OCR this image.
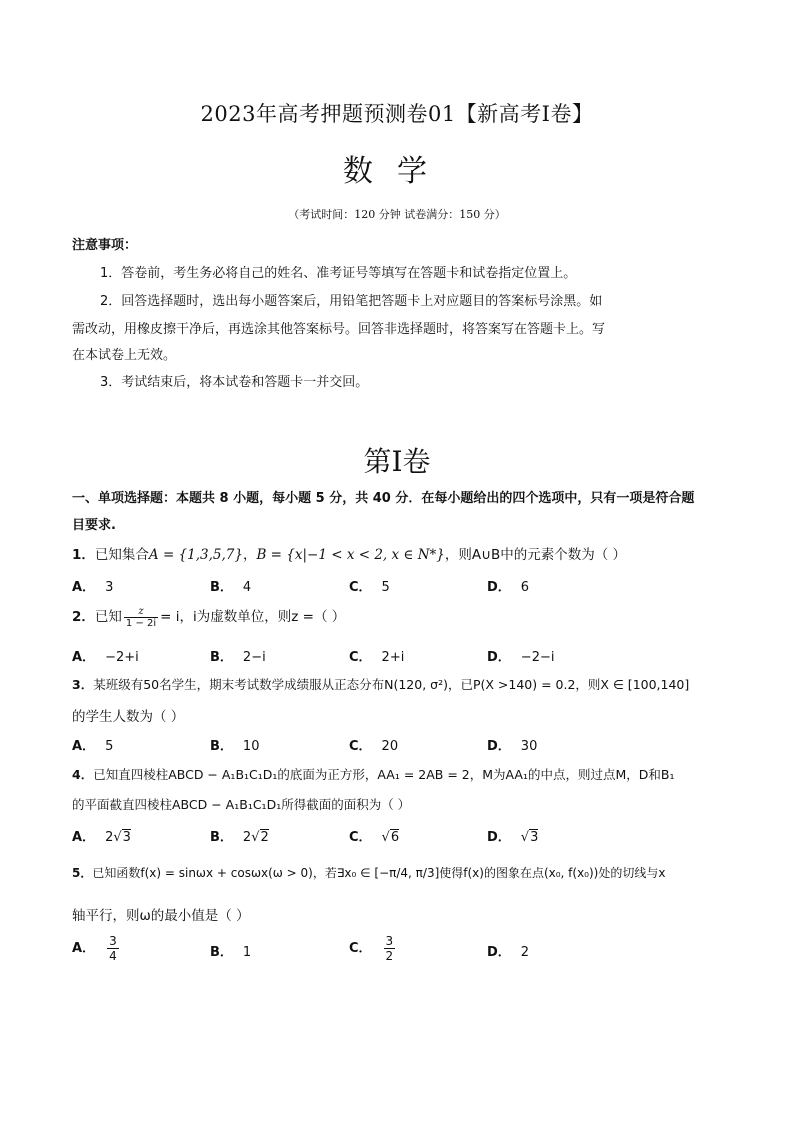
2023年高考押题预测卷01【新高考Ⅰ卷】
数学
（考试时间：120 分钟 试卷满分：150 分）
注意事项：
1．答卷前，考生务必将自己的姓名、准考证号等填写在答题卡和试卷指定位置上。
2．回答选择题时，选出每小题答案后，用铅笔把答题卡上对应题目的答案标号涂黑。如
需改动，用橡皮擦干净后，再选涂其他答案标号。回答非选择题时，将答案写在答题卡上。写
在本试卷上无效。
3．考试结束后，将本试卷和答题卡一并交回。
第Ⅰ卷
一、单项选择题：本题共 8 小题，每小题 5 分，共 40 分．在每小题给出的四个选项中，只有一项是符合题
目要求.
1．已知集合A = {1,3,5,7}，B = {x|−1 < x < 2, x ∈ N*}，则A∪B中的元素个数为（ ）
A． 3	B． 4	C． 5	D． 6
2．已知 $\frac{z}{1 - 2i} = i$，i为虚数单位，则z =（ ）
A． −2+i	B． 2−i	C． 2+i	D． −2−i
3．某班级有50名学生，期末考试数学成绩服从正态分布N(120, σ²)，已P(X >140) = 0.2，则X ∈ [100,140]
的学生人数为（ ）
A． 5	B． 10	C． 20	D． 30
4．已知直四棱柱ABCD − A₁B₁C₁D₁的底面为正方形，AA₁ = 2AB = 2，M为AA₁的中点，则过点M，D和B₁
的平面截直四棱柱ABCD − A₁B₁C₁D₁所得截面的面积为（ ）
A． 2√3	B． 2√2	C． √6	D． √3
5．已知函数f(x) = sinωx + cosωx(ω > 0)，若∃x₀ ∈ [−π/4, π/3]使得f(x)的图象在点(x₀, f(x₀))处的切线与x
轴平行，则ω的最小值是（ ）
A． $\frac{3}{4}$	B． 1	C． $\frac{3}{2}$	D． 2
